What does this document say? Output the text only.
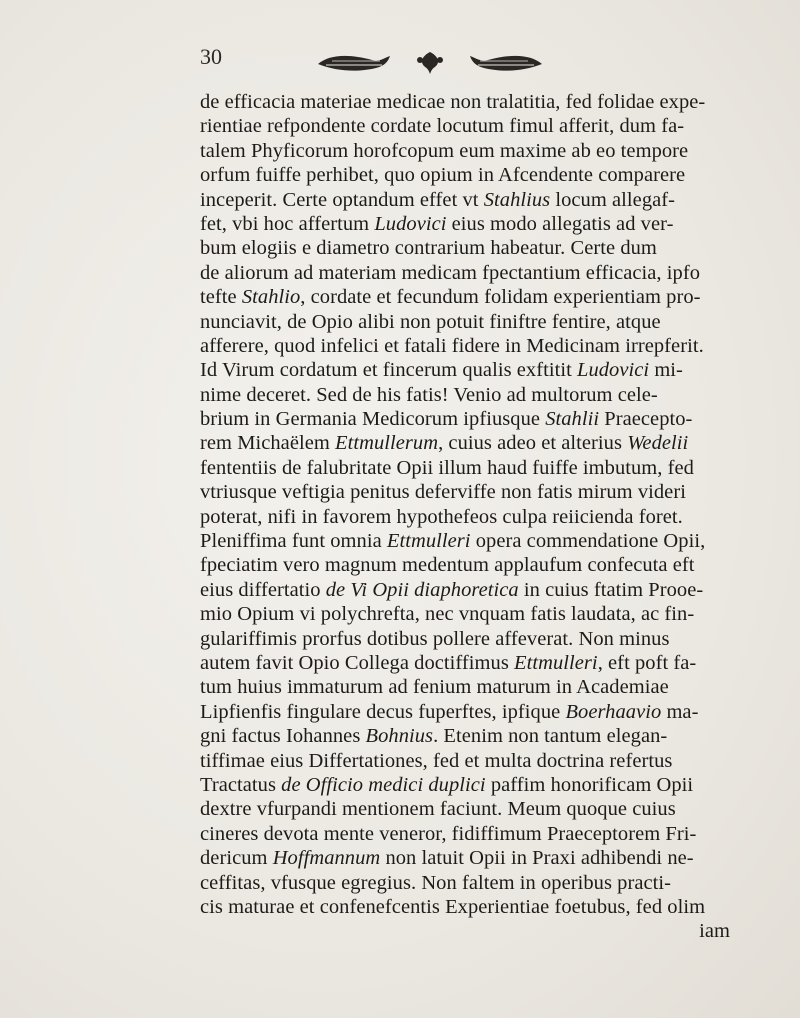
30
de efficacia materiae medicae non tralatitia, fed folidae expe-
rientiae refpondente cordate locutum fimul afferit, dum fa-
talem Phyficorum horofcopum eum maxime ab eo tempore
orfum fuiffe perhibet, quo opium in Afcendente comparere
inceperit. Certe optandum effet vt Stahlius locum allegaf-
fet, vbi hoc affertum Ludovici eius modo allegatis ad ver-
bum elogiis e diametro contrarium habeatur. Certe dum
de aliorum ad materiam medicam fpectantium efficacia, ipfo
tefte Stahlio, cordate et fecundum folidam experientiam pro-
nunciavit, de Opio alibi non potuit finiftre fentire, atque
afferere, quod infelici et fatali fidere in Medicinam irrepferit.
Id Virum cordatum et fincerum qualis exftitit Ludovici mi-
nime deceret. Sed de his fatis! Venio ad multorum cele-
brium in Germania Medicorum ipfiusque Stahlii Praecepto-
rem Michaëlem Ettmullerum, cuius adeo et alterius Wedelii
fententiis de falubritate Opii illum haud fuiffe imbutum, fed
vtriusque veftigia penitus deferviffe non fatis mirum videri
poterat, nifi in favorem hypothefeos culpa reiicienda foret.
Pleniffima funt omnia Ettmulleri opera commendatione Opii,
fpeciatim vero magnum medentum applaufum confecuta eft
eius differtatio de Vi Opii diaphoretica in cuius ftatim Prooe-
mio Opium vi polychrefta, nec vnquam fatis laudata, ac fin-
gulariffimis prorfus dotibus pollere affeverat. Non minus
autem favit Opio Collega doctiffimus Ettmulleri, eft poft fa-
tum huius immaturum ad fenium maturum in Academiae
Lipfienfis fingulare decus fuperftes, ipfique Boerhaavio ma-
gni factus Iohannes Bohnius. Etenim non tantum elegan-
tiffimae eius Differtationes, fed et multa doctrina refertus
Tractatus de Officio medici duplici paffim honorificam Opii
dextre vfurpandi mentionem faciunt. Meum quoque cuius
cineres devota mente veneror, fidiffimum Praeceptorem Fri-
dericum Hoffmannum non latuit Opii in Praxi adhibendi ne-
ceffitas, vfusque egregius. Non faltem in operibus practi-
cis maturae et confenefcentis Experientiae foetubus, fed olim
iam
